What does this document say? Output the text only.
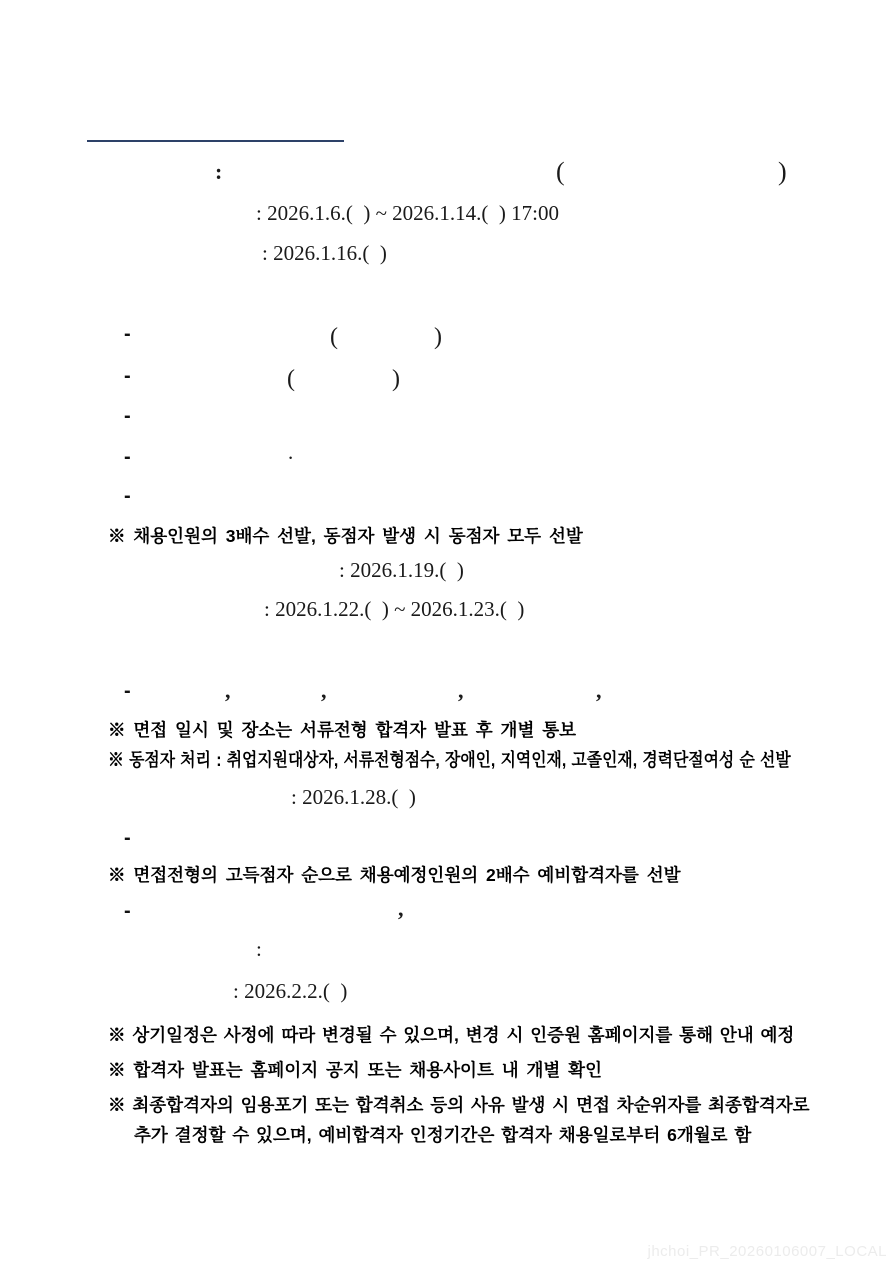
:	(	)
: 2026.1.6.(  ) ~ 2026.1.14.(  ) 17:00
: 2026.1.16.(  )
-	(	)
-	(	)
-
-	.
-
※ 채용인원의 3배수 선발, 동점자 발생 시 동점자 모두 선발
: 2026.1.19.(  )
: 2026.1.22.(  ) ~ 2026.1.23.(  )
-	,	,	,	,
※ 면접 일시 및 장소는 서류전형 합격자 발표 후 개별 통보
※ 동점자 처리 : 취업지원대상자, 서류전형점수, 장애인, 지역인재, 고졸인재, 경력단절여성 순 선발
: 2026.1.28.(  )
-
※ 면접전형의 고득점자 순으로 채용예정인원의 2배수 예비합격자를 선발
-	,
:
: 2026.2.2.(  )
※ 상기일정은 사정에 따라 변경될 수 있으며, 변경 시 인증원 홈페이지를 통해 안내 예정
※ 합격자 발표는 홈페이지 공지 또는 채용사이트 내 개별 확인
※ 최종합격자의 임용포기 또는 합격취소 등의 사유 발생 시 면접 차순위자를 최종합격자로
추가 결정할 수 있으며, 예비합격자 인정기간은 합격자 채용일로부터 6개월로 함
jhchoi_PR_20260106007_LOCAL
